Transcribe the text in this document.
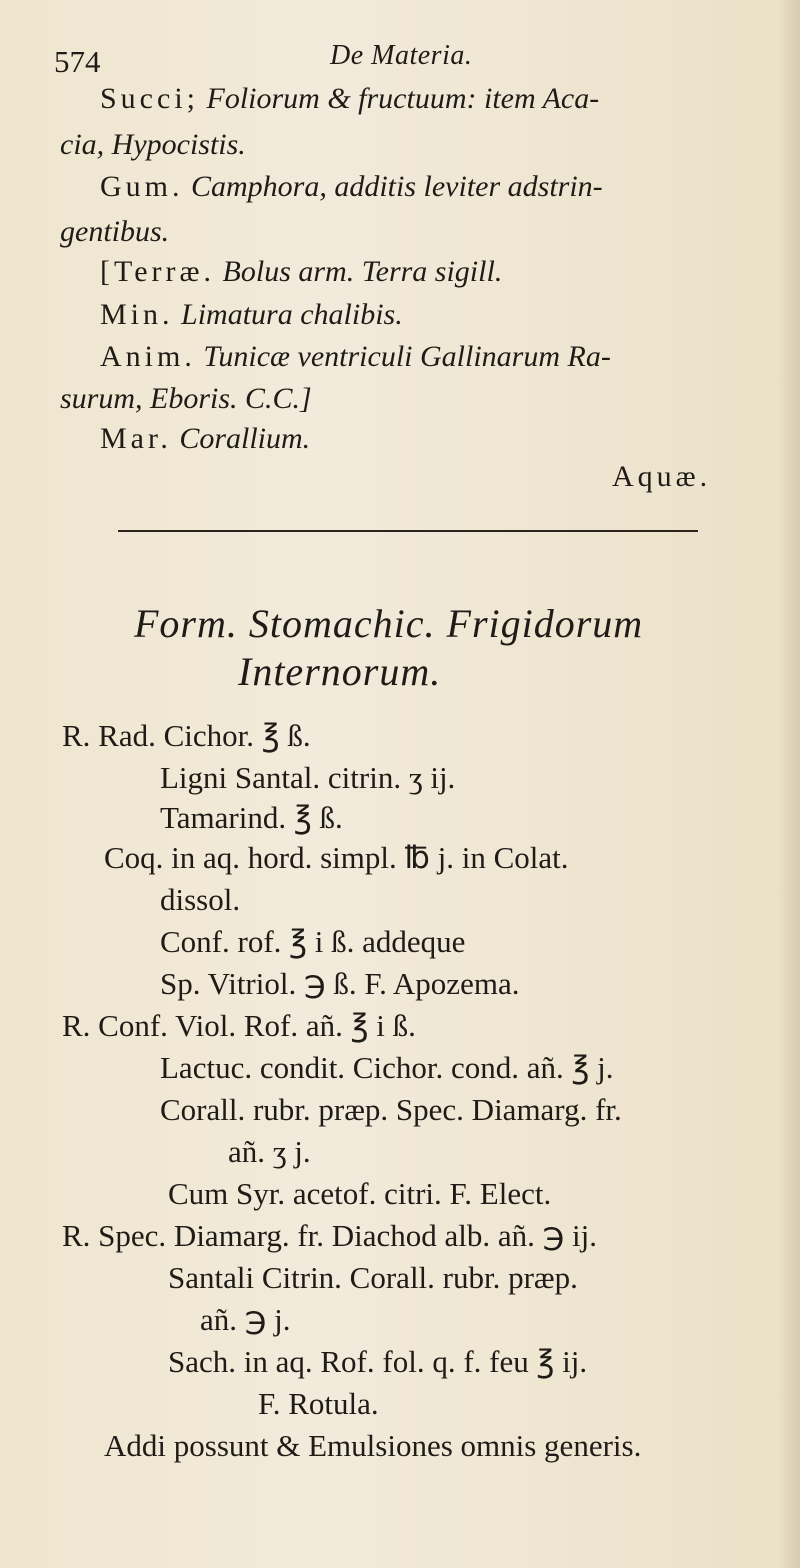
574	De Materia.
Succi; Foliorum & fructuum: item Aca-
cia, Hypocistis.
Gum. Camphora, additis leviter adstrin-
gentibus.
[Terræ. Bolus arm. Terra sigill.
Min. Limatura chalibis.
Anim. Tunicæ ventriculi Gallinarum Ra-
surum, Eboris. C.C.]
Mar. Corallium.
Aquæ.
Form. Stomachic. Frigidorum
Internorum.
R. Rad. Cichor. ℥ ß.
Ligni Santal. citrin. ʒ ij.
Tamarind. ℥ ß.
Coq. in aq. hord. simpl. ℔ j. in Colat.
dissol.
Conf. rof. ℥ i ß. addeque
Sp. Vitriol. ℈ ß. F. Apozema.
R. Conf. Viol. Rof. añ. ℥ i ß.
Lactuc. condit. Cichor. cond. añ. ℥ j.
Corall. rubr. præp. Spec. Diamarg. fr.
añ. ʒ j.
Cum Syr. acetof. citri. F. Elect.
R. Spec. Diamarg. fr. Diachod alb. añ. ℈ ij.
Santali Citrin. Corall. rubr. præp.
añ. ℈ j.
Sach. in aq. Rof. fol. q. f. feu ℥ ij.
F. Rotula.
Addi possunt & Emulsiones omnis generis.
